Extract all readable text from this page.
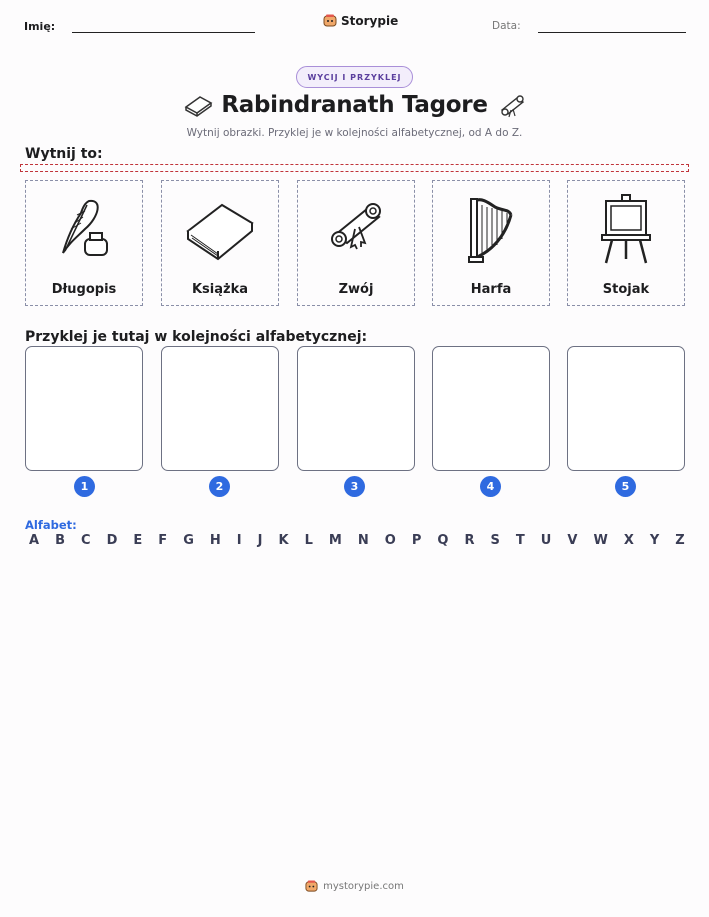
Imię:	Storypie	Data:
WYCIJ I PRZYKLEJ
Rabindranath Tagore
Wytnij obrazki. Przyklej je w kolejności alfabetycznej, od A do Z.
Wytnij to:
Długopis	Książka	Zwój	Harfa	Stojak
Przyklej je tutaj w kolejności alfabetycznej:
1	2	3	4	5
Alfabet:
A B C D E F G H I J K L M N O P Q R S T U V W X Y Z
mystorypie.com
